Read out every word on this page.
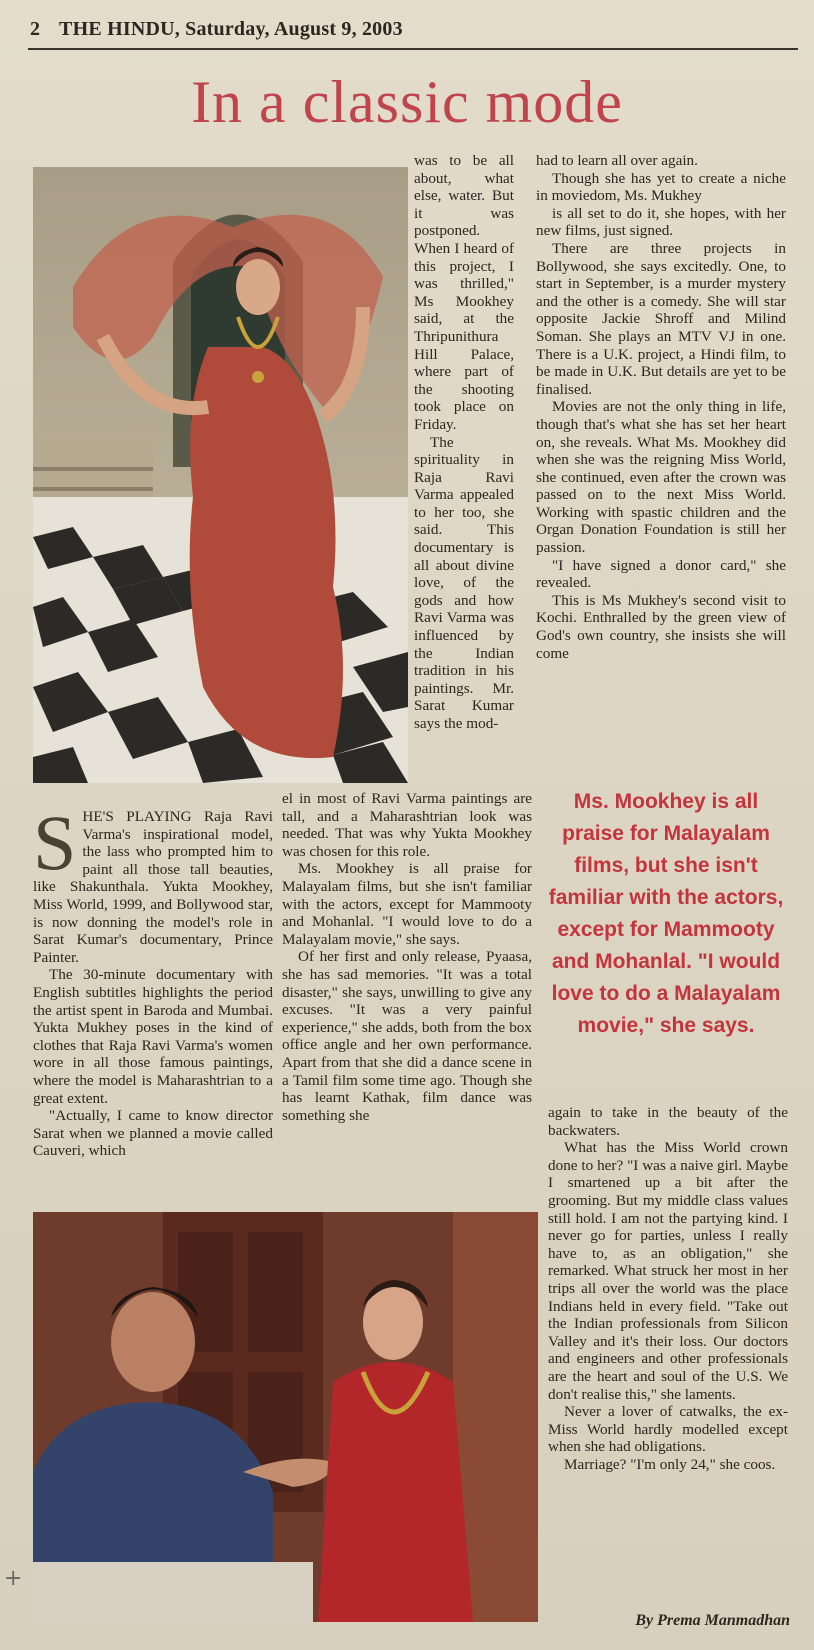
2 THE HINDU, Saturday, August 9, 2003
In a classic mode

was to be all about, what else, water. But it was postponed. When I heard of this project, I was thrilled," Ms Mookhey said, at the Thripunithura Hill Palace, where part of the shooting took place on Friday.

The spirituality in Raja Ravi Varma appealed to her too, she said. This documentary is all about divine love, of the gods and how Ravi Varma was influenced by the Indian tradition in his paintings. Mr. Sarat Kumar says the mod-

had to learn all over again.

Though she has yet to create a niche in moviedom, Ms. Mukhey

is all set to do it, she hopes, with her new films, just signed.

There are three projects in Bollywood, she says excitedly. One, to start in September, is a murder mystery and the other is a comedy. She will star opposite Jackie Shroff and Milind Soman. She plays an MTV VJ in one. There is a U.K. project, a Hindi film, to be made in U.K. But details are yet to be finalised.

Movies are not the only thing in life, though that's what she has set her heart on, she reveals. What Ms. Mookhey did when she was the reigning Miss World, she continued, even after the crown was passed on to the next Miss World. Working with spastic children and the Organ Donation Foundation is still her passion.

"I have signed a donor card," she revealed.

This is Ms Mukhey's second visit to Kochi. Enthralled by the green view of God's own country, she insists she will come

Ms. Mookhey is all praise for Malayalam films, but she isn't familiar with the actors, except for Mammooty and Mohanlal. "I would love to do a Malayalam movie," she says.
S HE'S PLAYING Raja Ravi Varma's inspirational model, the lass who prompted him to paint all those tall beauties, like Shakunthala. Yukta Mookhey, Miss World, 1999, and Bollywood star, is now donning the model's role in Sarat Kumar's documentary, Prince Painter.

The 30-minute documentary with English subtitles highlights the period the artist spent in Baroda and Mumbai. Yukta Mukhey poses in the kind of clothes that Raja Ravi Varma's women wore in all those famous paintings, where the model is Maharashtrian to a great extent.

"Actually, I came to know director Sarat when we planned a movie called Cauveri, which

el in most of Ravi Varma paintings are tall, and a Maharashtrian look was needed. That was why Yukta Mookhey was chosen for this role.

Ms. Mookhey is all praise for Malayalam films, but she isn't familiar with the actors, except for Mammooty and Mohanlal. "I would love to do a Malayalam movie," she says.

Of her first and only release, Pyaasa, she has sad memories. "It was a total disaster," she says, unwilling to give any excuses. "It was a very painful experience," she adds, both from the box office angle and her own performance. Apart from that she did a dance scene in a Tamil film some time ago. Though she has learnt Kathak, film dance was something she	again to take in the beauty of the backwaters.

What has the Miss World crown done to her? "I was a naive girl. Maybe I smartened up a bit after the grooming. But my middle class values still hold. I am not the partying kind. I never go for parties, unless I really have to, as an obligation," she remarked. What struck her most in her trips all over the world was the place Indians held in every field. "Take out the Indian professionals from Silicon Valley and it's their loss. Our doctors and engineers and other professionals are the heart and soul of the U.S. We don't realise this," she laments.

Never a lover of catwalks, the ex-Miss World hardly modelled except when she had obligations.

Marriage? "I'm only 24," she coos.

By Prema Manmadhan
+
